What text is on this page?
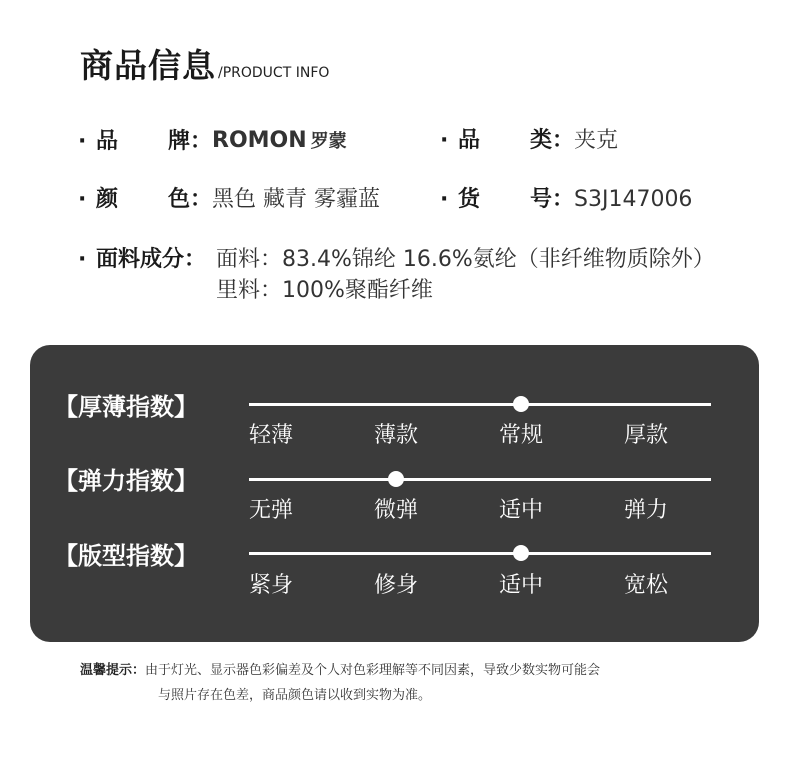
商品信息 /PRODUCT INFO
· 品 牌： ROMON 罗蒙	· 品 类： 夹克
· 颜 色： 黑色 藏青 雾霾蓝	· 货 号： S3J147006
· 面料成分： 面料：83.4%锦纶 16.6%氨纶（非纤维物质除外）
里料：100%聚酯纤维
【厚薄指数】
轻薄	薄款	常规	厚款
【弹力指数】
无弹	微弹	适中	弹力
【版型指数】
紧身	修身	适中	宽松
温馨提示：由于灯光、显示器色彩偏差及个人对色彩理解等不同因素，导致少数实物可能会
与照片存在色差，商品颜色请以收到实物为准。
